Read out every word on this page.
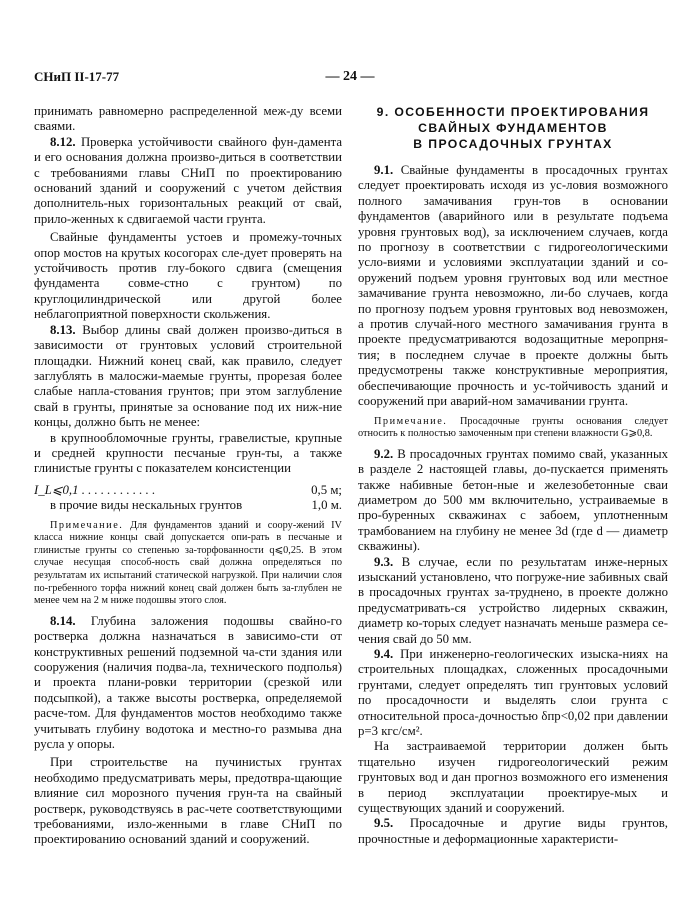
СНиП II-17-77	— 24 —

принимать равномерно распределенной меж-ду всеми сваями.

8.12. Проверка устойчивости свайного фун-дамента и его основания должна произво-диться в соответствии с требованиями главы СНиП по проектированию оснований зданий и сооружений с учетом действия дополнитель-ных горизонтальных реакций от свай, прило-женных к сдвигаемой части грунта.

Свайные фундаменты устоев и промежу-точных опор мостов на крутых косогорах сле-дует проверять на устойчивость против глу-бокого сдвига (смещения фундамента совме-стно с грунтом) по круглоцилиндрической или другой более неблагоприятной поверхности скольжения.

8.13. Выбор длины свай должен произво-диться в зависимости от грунтовых условий строительной площадки. Нижний конец свай, как правило, следует заглублять в малосжи-маемые грунты, прорезая более слабые напла-стования грунтов; при этом заглубление свай в грунты, принятые за основание под их ниж-ние концы, должно быть не менее:

в крупнообломочные грунты, гравелистые, крупные и средней крупности песчаные грун-ты, а также глинистые грунты с показателем консистенции

I_L⩽0,1 . . . . . . . . . . . .	0,5 м;
в прочие виды нескальных грунтов	1,0 м.

Примечание. Для фундаментов зданий и соору-жений IV класса нижние концы свай допускается опи-рать в песчаные и глинистые грунты со степенью за-торфованности q⩽0,25. В этом случае несущая способ-ность свай должна определяться по результатам их испытаний статической нагрузкой. При наличии слоя по-гребенного торфа нижний конец свай должен быть за-глублен не менее чем на 2 м ниже подошвы этого слоя.

8.14. Глубина заложения подошвы свайно-го ростверка должна назначаться в зависимо-сти от конструктивных решений подземной ча-сти здания или сооружения (наличия подва-ла, технического подполья) и проекта плани-ровки территории (срезкой или подсыпкой), а также высоты ростверка, определяемой расче-том. Для фундаментов мостов необходимо также учитывать глубину водотока и местно-го размыва дна русла у опоры.

При строительстве на пучинистых грунтах необходимо предусматривать меры, предотвра-щающие влияние сил морозного пучения грун-та на свайный ростверк, руководствуясь в рас-чете соответствующими требованиями, изло-женными в главе СНиП по проектированию оснований зданий и сооружений.

9. ОСОБЕННОСТИ ПРОЕКТИРОВАНИЯ
СВАЙНЫХ ФУНДАМЕНТОВ
В ПРОСАДОЧНЫХ ГРУНТАХ

9.1. Свайные фундаменты в просадочных грунтах следует проектировать исходя из ус-ловия возможного полного замачивания грун-тов в основании фундаментов (аварийного или в результате подъема уровня грунтовых вод), за исключением случаев, когда по прогнозу в соответствии с гидрогеологическими усло-виями и условиями эксплуатации зданий и со-оружений подъем уровня грунтовых вод или местное замачивание грунта невозможно, ли-бо случаев, когда по прогнозу подъем уровня грунтовых вод невозможен, а против случай-ного местного замачивания грунта в проекте предусматриваются водозащитные меропрня-тия; в последнем случае в проекте должны быть предусмотрены также конструктивные мероприятия, обеспечивающие прочность и ус-тойчивость зданий и сооружений при аварий-ном замачивании грунта.

Примечание. Просадочные грунты основания следует относить к полностью замоченным при степени влажности G⩾0,8.

9.2. В просадочных грунтах помимо свай, указанных в разделе 2 настоящей главы, до-пускается применять также набивные бетон-ные и железобетонные сваи диаметром до 500 мм включительно, устраиваемые в про-буренных скважинах с забоем, уплотненным трамбованием на глубину не менее 3d (где d — диаметр скважины).

9.3. В случае, если по результатам инже-нерных изысканий установлено, что погруже-ние забивных свай в просадочных грунтах за-труднено, в проекте должно предусматривать-ся устройство лидерных скважин, диаметр ко-торых следует назначать меньше размера се-чения свай до 50 мм.

9.4. При инженерно-геологических изыска-ниях на строительных площадках, сложенных просадочными грунтами, следует определять тип грунтовых условий по просадочности и выделять слои грунта с относительной проса-дочностью δпр<0,02 при давлении p=3 кгс/см².

На застраиваемой территории должен быть тщательно изучен гидрогеологический режим грунтовых вод и дан прогноз возможного его изменения в период эксплуатации проектируе-мых и существующих зданий и сооружений.

9.5. Просадочные и другие виды грунтов, прочностные и деформационные характеристи-
